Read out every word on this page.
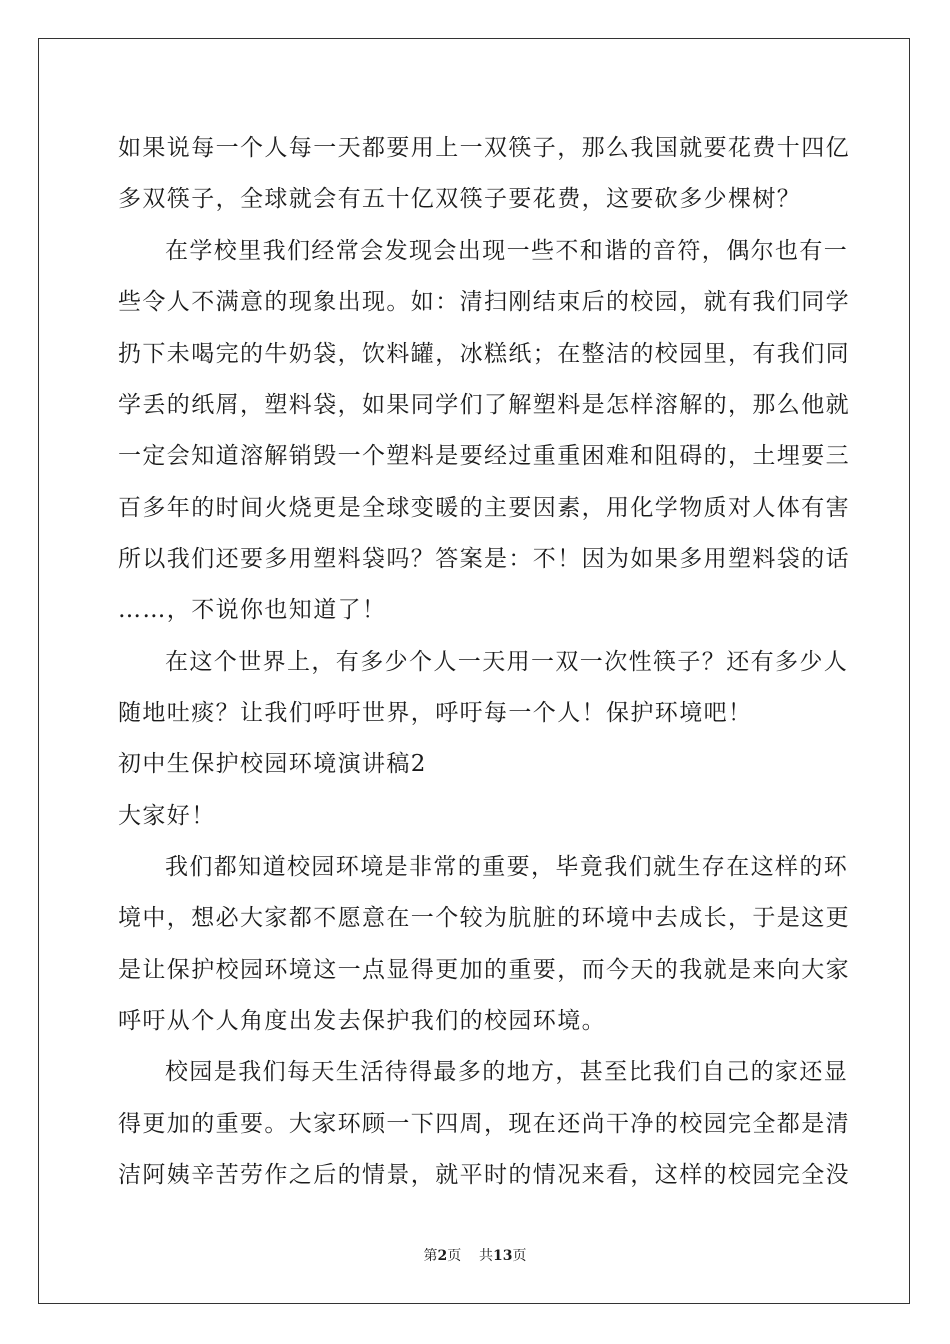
如果说每一个人每一天都要用上一双筷子，那么我国就要花费十四亿
多双筷子，全球就会有五十亿双筷子要花费，这要砍多少棵树？
在学校里我们经常会发现会出现一些不和谐的音符，偶尔也有一
些令人不满意的现象出现。如：清扫刚结束后的校园，就有我们同学
扔下未喝完的牛奶袋，饮料罐，冰糕纸；在整洁的校园里，有我们同
学丢的纸屑，塑料袋，如果同学们了解塑料是怎样溶解的，那么他就
一定会知道溶解销毁一个塑料是要经过重重困难和阻碍的，土埋要三
百多年的时间火烧更是全球变暖的主要因素，用化学物质对人体有害
所以我们还要多用塑料袋吗？答案是：不！因为如果多用塑料袋的话
……，不说你也知道了！
在这个世界上，有多少个人一天用一双一次性筷子？还有多少人
随地吐痰？让我们呼吁世界，呼吁每一个人！保护环境吧！
初中生保护校园环境演讲稿2
大家好！
我们都知道校园环境是非常的重要，毕竟我们就生存在这样的环
境中，想必大家都不愿意在一个较为肮脏的环境中去成长，于是这更
是让保护校园环境这一点显得更加的重要，而今天的我就是来向大家
呼吁从个人角度出发去保护我们的校园环境。
校园是我们每天生活待得最多的地方，甚至比我们自己的家还显
得更加的重要。大家环顾一下四周，现在还尚干净的校园完全都是清
洁阿姨辛苦劳作之后的情景，就平时的情况来看，这样的校园完全没
第2页 共13页
